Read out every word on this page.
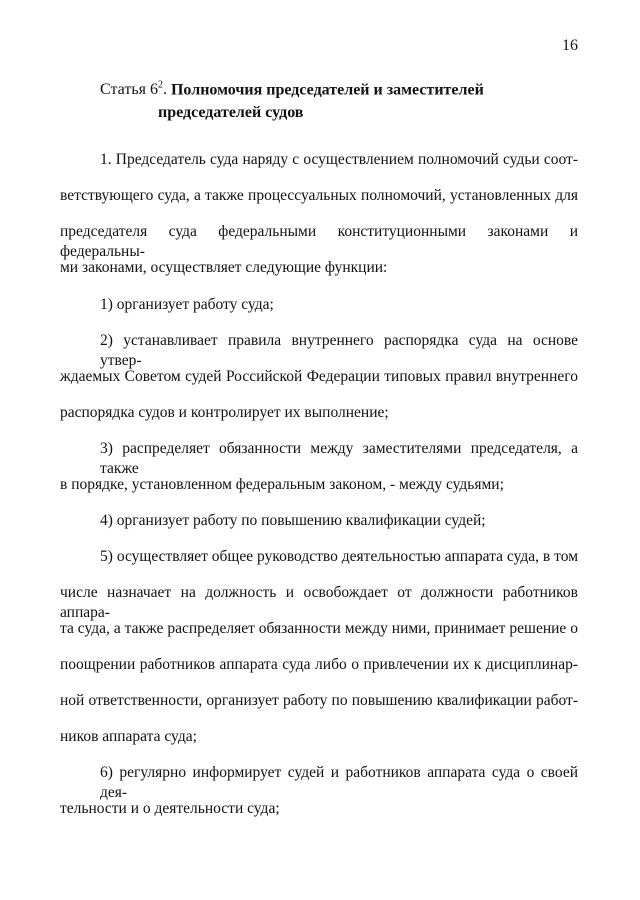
16
Статья $6^2$. Полномочия председателей и заместителей
председателей судов
1. Председатель суда наряду с осуществлением полномочий судьи соот-
ветствующего суда, а также процессуальных полномочий, установленных для
председателя суда федеральными конституционными законами и федеральны-
ми законами, осуществляет следующие функции:
1) организует работу суда;
2) устанавливает правила внутреннего распорядка суда на основе утвер-
ждаемых Советом судей Российской Федерации типовых правил внутреннего
распорядка судов и контролирует их выполнение;
3) распределяет обязанности между заместителями председателя, а также
в порядке, установленном федеральным законом, - между судьями;
4) организует работу по повышению квалификации судей;
5) осуществляет общее руководство деятельностью аппарата суда, в том
числе назначает на должность и освобождает от должности работников аппара-
та суда, а также распределяет обязанности между ними, принимает решение о
поощрении работников аппарата суда либо о привлечении их к дисциплинар-
ной ответственности, организует работу по повышению квалификации работ-
ников аппарата суда;
6) регулярно информирует судей и работников аппарата суда о своей дея-
тельности и о деятельности суда;
